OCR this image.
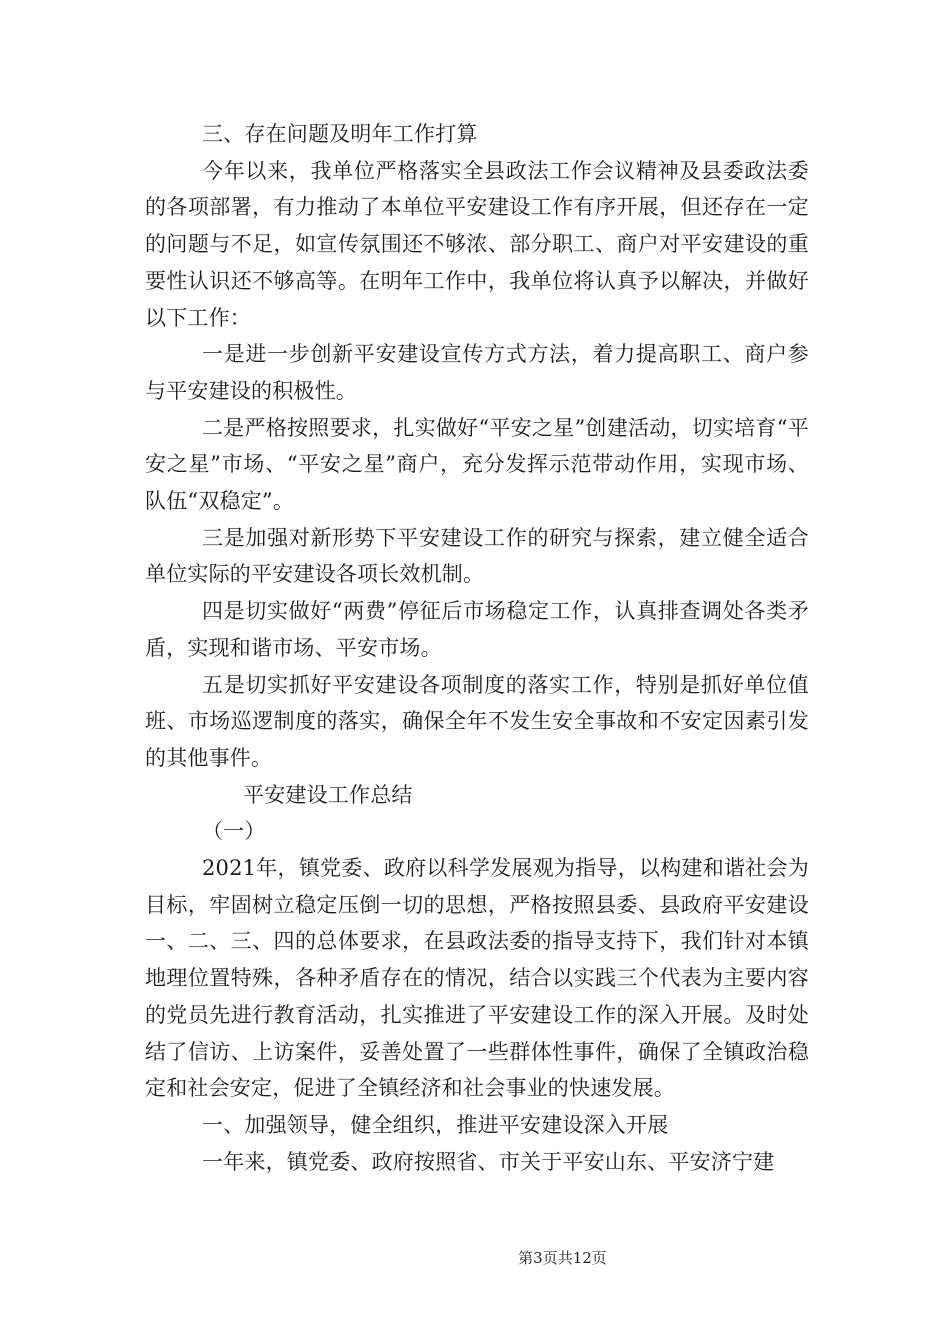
三、存在问题及明年工作打算

今年以来，我单位严格落实全县政法工作会议精神及县委政法委的各项部署，有力推动了本单位平安建设工作有序开展，但还存在一定的问题与不足，如宣传氛围还不够浓、部分职工、商户对平安建设的重要性认识还不够高等。在明年工作中，我单位将认真予以解决，并做好以下工作：

一是进一步创新平安建设宣传方式方法，着力提高职工、商户参与平安建设的积极性。

二是严格按照要求，扎实做好“平安之星”创建活动，切实培育“平安之星”市场、“平安之星”商户，充分发挥示范带动作用，实现市场、队伍“双稳定”。

三是加强对新形势下平安建设工作的研究与探索，建立健全适合单位实际的平安建设各项长效机制。

四是切实做好“两费”停征后市场稳定工作，认真排查调处各类矛盾，实现和谐市场、平安市场。

五是切实抓好平安建设各项制度的落实工作，特别是抓好单位值班、市场巡逻制度的落实，确保全年不发生安全事故和不安定因素引发的其他事件。

平安建设工作总结

（一）

2021年，镇党委、政府以科学发展观为指导，以构建和谐社会为目标，牢固树立稳定压倒一切的思想，严格按照县委、县政府平安建设一、二、三、四的总体要求，在县政法委的指导支持下，我们针对本镇地理位置特殊，各种矛盾存在的情况，结合以实践三个代表为主要内容的党员先进行教育活动，扎实推进了平安建设工作的深入开展。及时处结了信访、上访案件，妥善处置了一些群体性事件，确保了全镇政治稳定和社会安定，促进了全镇经济和社会事业的快速发展。

一、加强领导，健全组织，推进平安建设深入开展

一年来，镇党委、政府按照省、市关于平安山东、平安济宁建

第3页共12页
